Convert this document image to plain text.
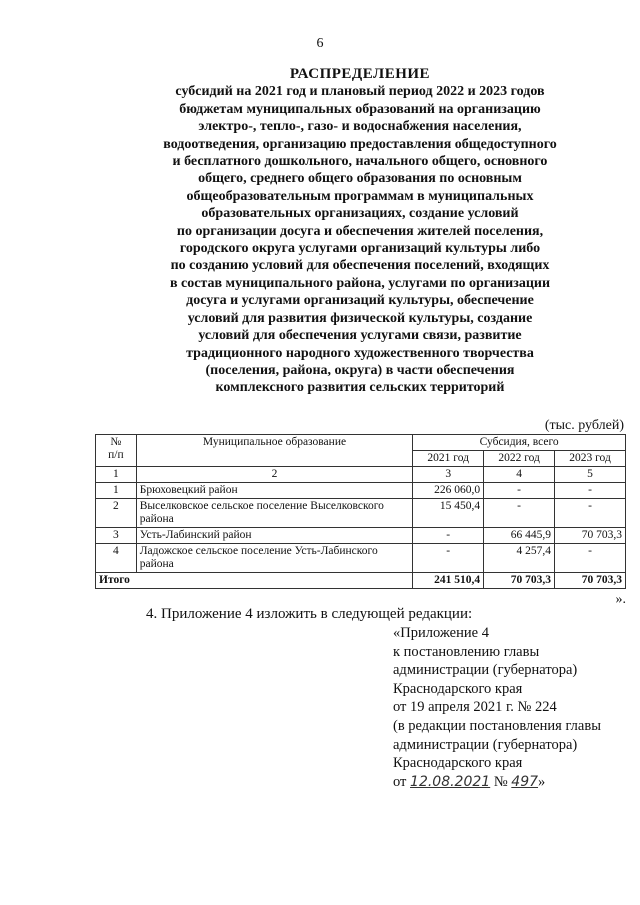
6
РАСПРЕДЕЛЕНИЕ
субсидий на 2021 год и плановый период 2022 и 2023 годов
бюджетам муниципальных образований на организацию
электро-, тепло-, газо- и водоснабжения населения,
водоотведения, организацию предоставления общедоступного
и бесплатного дошкольного, начального общего, основного
общего, среднего общего образования по основным
общеобразовательным программам в муниципальных
образовательных организациях, создание условий
по организации досуга и обеспечения жителей поселения,
городского округа услугами организаций культуры либо
по созданию условий для обеспечения поселений, входящих
в состав муниципального района, услугами по организации
досуга и услугами организаций культуры, обеспечение
условий для развития физической культуры, создание
условий для обеспечения услугами связи, развитие
традиционного народного художественного творчества
(поселения, района, округа) в части обеспечения
комплексного развития сельских территорий
(тыс. рублей)
№
п/п	Муниципальное образование	Субсидия, всего		
		2021 год	2022 год	2023 год
1	2	3	4	5
1	Брюховецкий район	226 060,0	-	-
2	Выселковское сельское поселение Выселковского района	15 450,4	-	-
3	Усть-Лабинский район	-	66 445,9	70 703,3
4	Ладожское сельское поселение Усть-Лабинского района	-	4 257,4	-
Итого		241 510,4	70 703,3	70 703,3
».
4. Приложение 4 изложить в следующей редакции:
«Приложение 4
к постановлению главы
администрации (губернатора)
Краснодарского края
от 19 апреля 2021 г. № 224
(в редакции постановления главы
администрации (губернатора)
Краснодарского края
от 12.08.2021 № 497»
